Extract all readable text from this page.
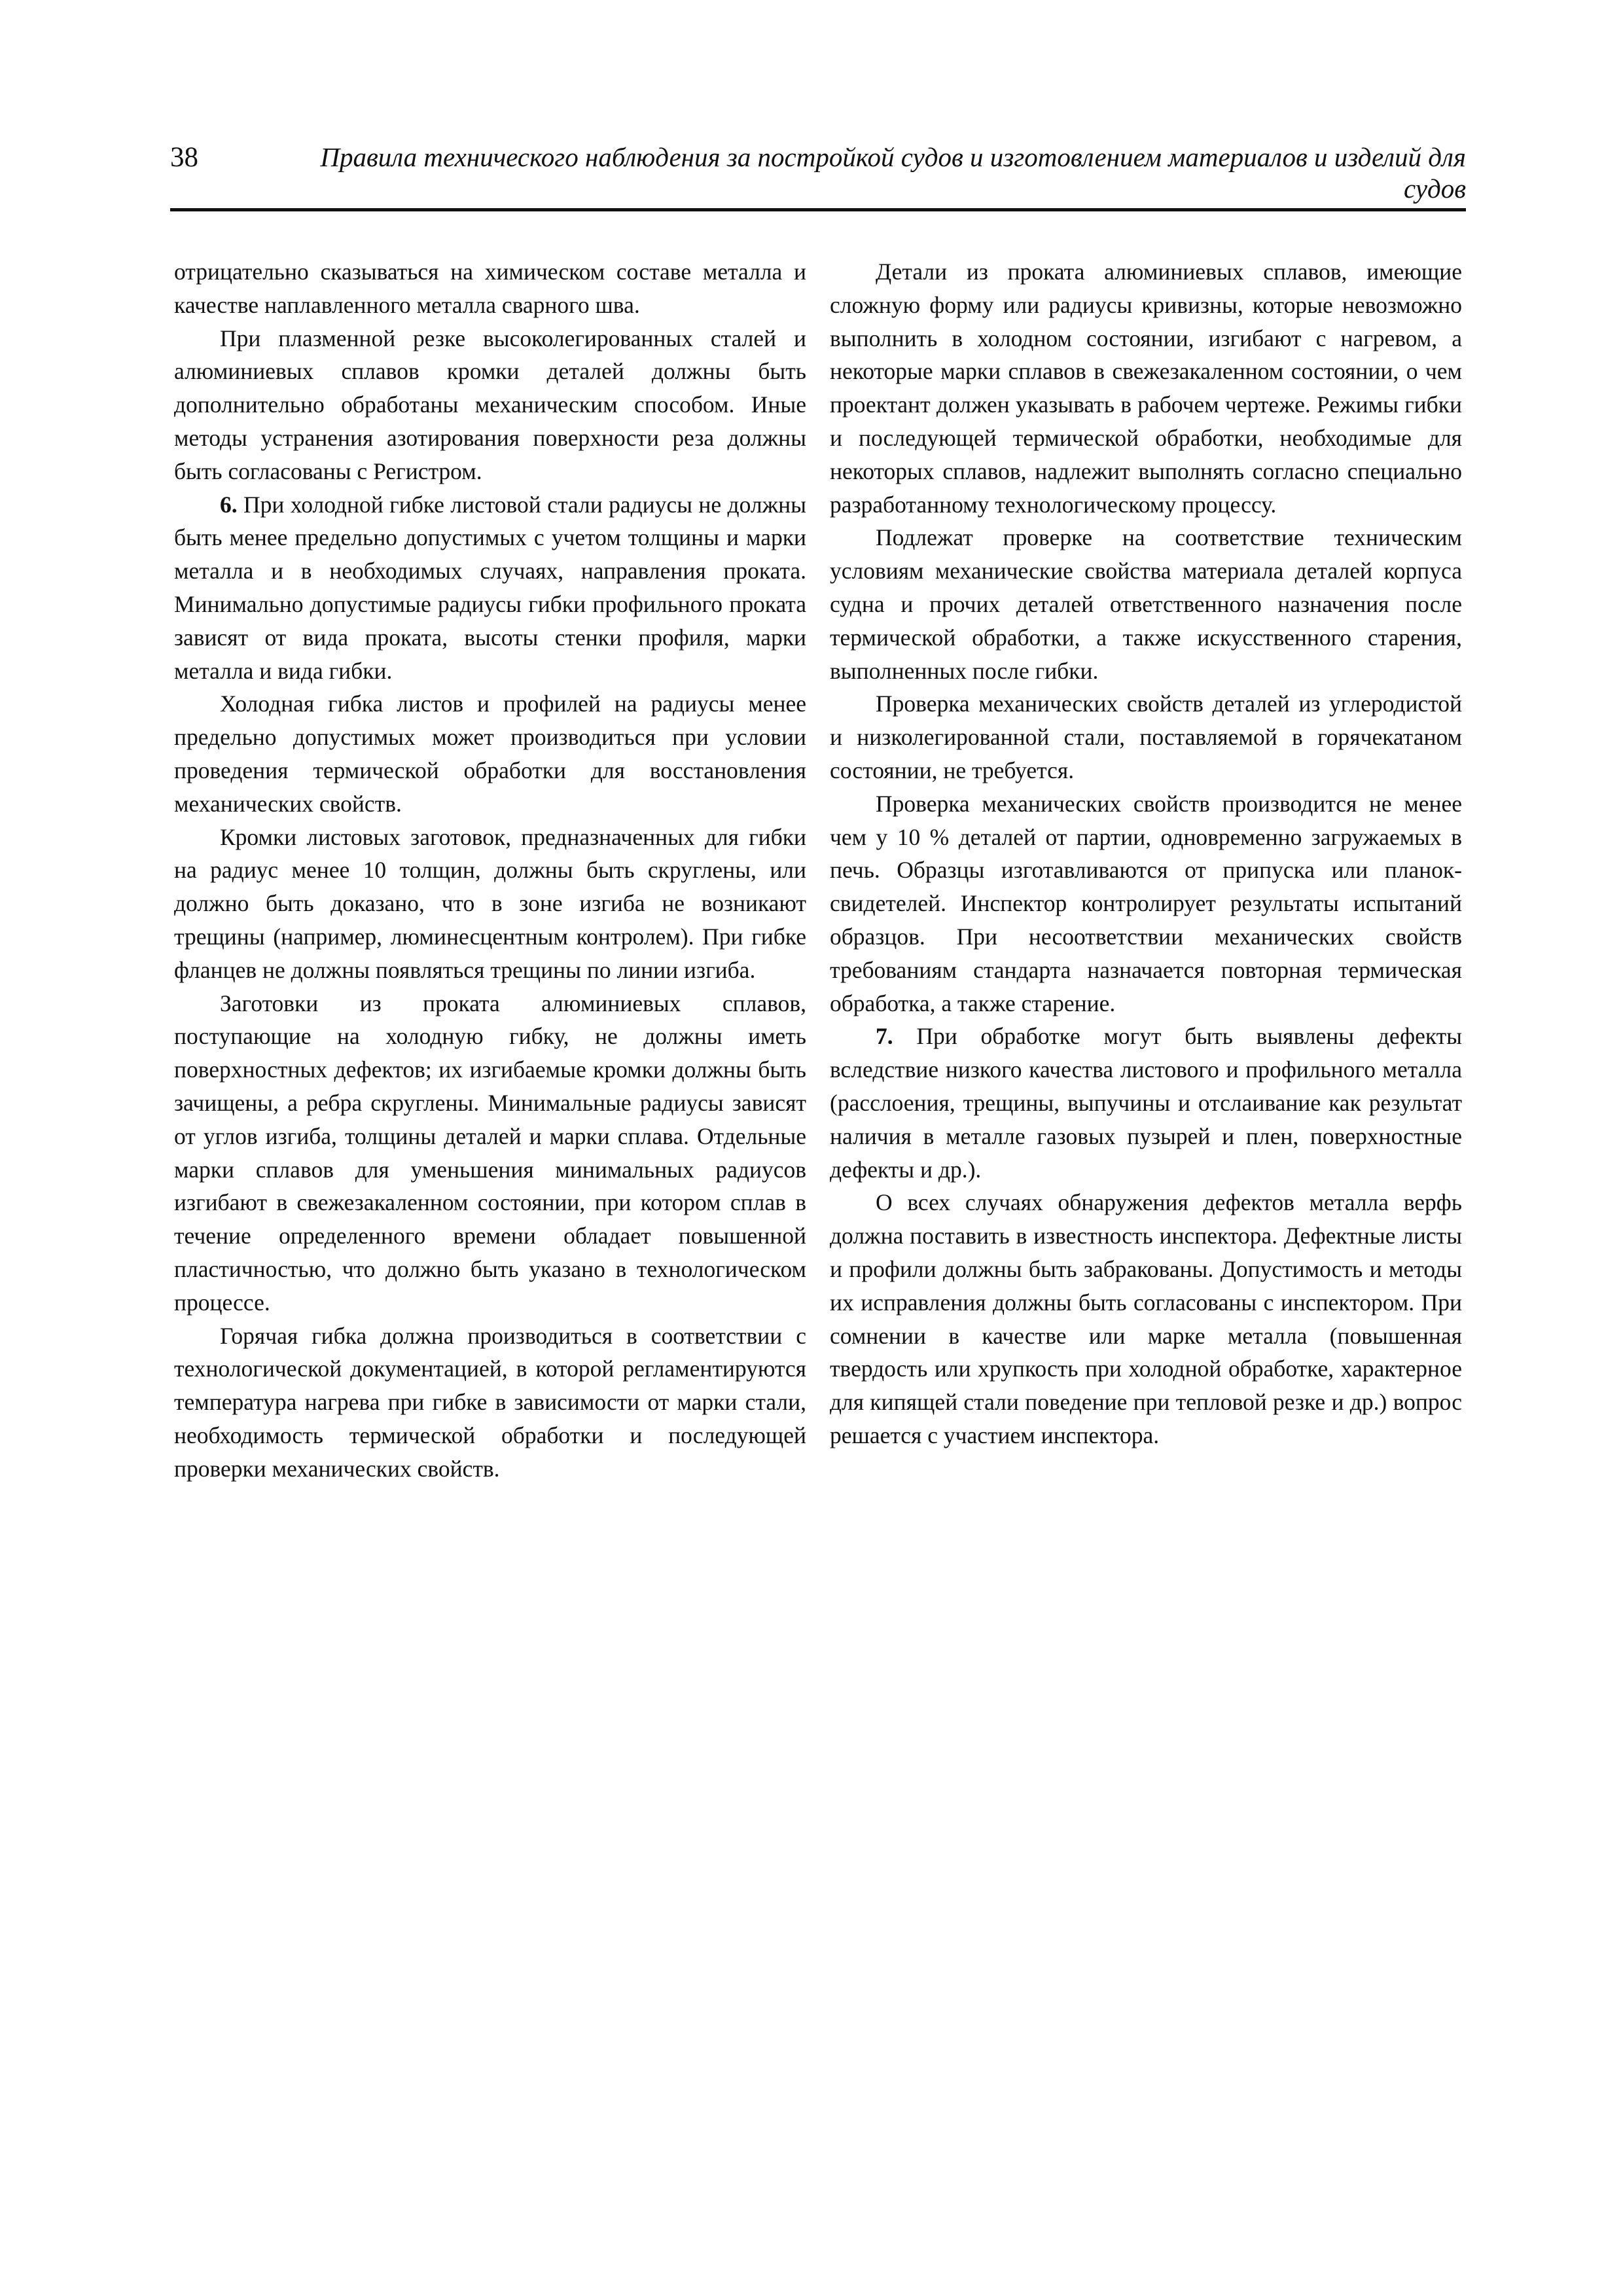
38	Правила технического наблюдения за постройкой судов и изготовлением материалов и изделий для судов

отрицательно сказываться на химическом составе металла и качестве наплавленного металла сварного шва.

При плазменной резке высоколегированных сталей и алюминиевых сплавов кромки деталей должны быть дополнительно обработаны механическим способом. Иные методы устранения азотирования поверхности реза должны быть согласованы с Регистром.

6. При холодной гибке листовой стали радиусы не должны быть менее предельно допустимых с учетом толщины и марки металла и в необходимых случаях, направления проката. Минимально допустимые радиусы гибки профильного проката зависят от вида проката, высоты стенки профиля, марки металла и вида гибки.

Холодная гибка листов и профилей на радиусы менее предельно допустимых может производиться при условии проведения термической обработки для восстановления механических свойств.

Кромки листовых заготовок, предназначенных для гибки на радиус менее 10 толщин, должны быть скруглены, или должно быть доказано, что в зоне изгиба не возникают трещины (например, люминесцентным контролем). При гибке фланцев не должны появляться трещины по линии изгиба.

Заготовки из проката алюминиевых сплавов, поступающие на холодную гибку, не должны иметь поверхностных дефектов; их изгибаемые кромки должны быть зачищены, а ребра скруглены. Минимальные радиусы зависят от углов изгиба, толщины деталей и марки сплава. Отдельные марки сплавов для уменьшения минимальных радиусов изгибают в свежезакаленном состоянии, при котором сплав в течение определенного времени обладает повышенной пластичностью, что должно быть указано в технологическом процессе.

Горячая гибка должна производиться в соответствии с технологической документацией, в которой регламентируются температура нагрева при гибке в зависимости от марки стали, необходимость термической обработки и последующей проверки механических свойств.

Детали из проката алюминиевых сплавов, имеющие сложную форму или радиусы кривизны, которые невозможно выполнить в холодном состоянии, изгибают с нагревом, а некоторые марки сплавов в свежезакаленном состоянии, о чем проектант должен указывать в рабочем чертеже. Режимы гибки и последующей термической обработки, необходимые для некоторых сплавов, надлежит выполнять согласно специально разработанному технологическому процессу.

Подлежат проверке на соответствие техническим условиям механические свойства материала деталей корпуса судна и прочих деталей ответственного назначения после термической обработки, а также искусственного старения, выполненных после гибки.

Проверка механических свойств деталей из углеродистой и низколегированной стали, поставляемой в горячекатаном состоянии, не требуется.

Проверка механических свойств производится не менее чем у 10 % деталей от партии, одновременно загружаемых в печь. Образцы изготавливаются от припуска или планок-свидетелей. Инспектор контролирует результаты испытаний образцов. При несоответствии механических свойств требованиям стандарта назначается повторная термическая обработка, а также старение.

7. При обработке могут быть выявлены дефекты вследствие низкого качества листового и профильного металла (расслоения, трещины, выпучины и отслаивание как результат наличия в металле газовых пузырей и плен, поверхностные дефекты и др.).

О всех случаях обнаружения дефектов металла верфь должна поставить в известность инспектора. Дефектные листы и профили должны быть забракованы. Допустимость и методы их исправления должны быть согласованы с инспектором. При сомнении в качестве или марке металла (повышенная твердость или хрупкость при холодной обработке, характерное для кипящей стали поведение при тепловой резке и др.) вопрос решается с участием инспектора.
